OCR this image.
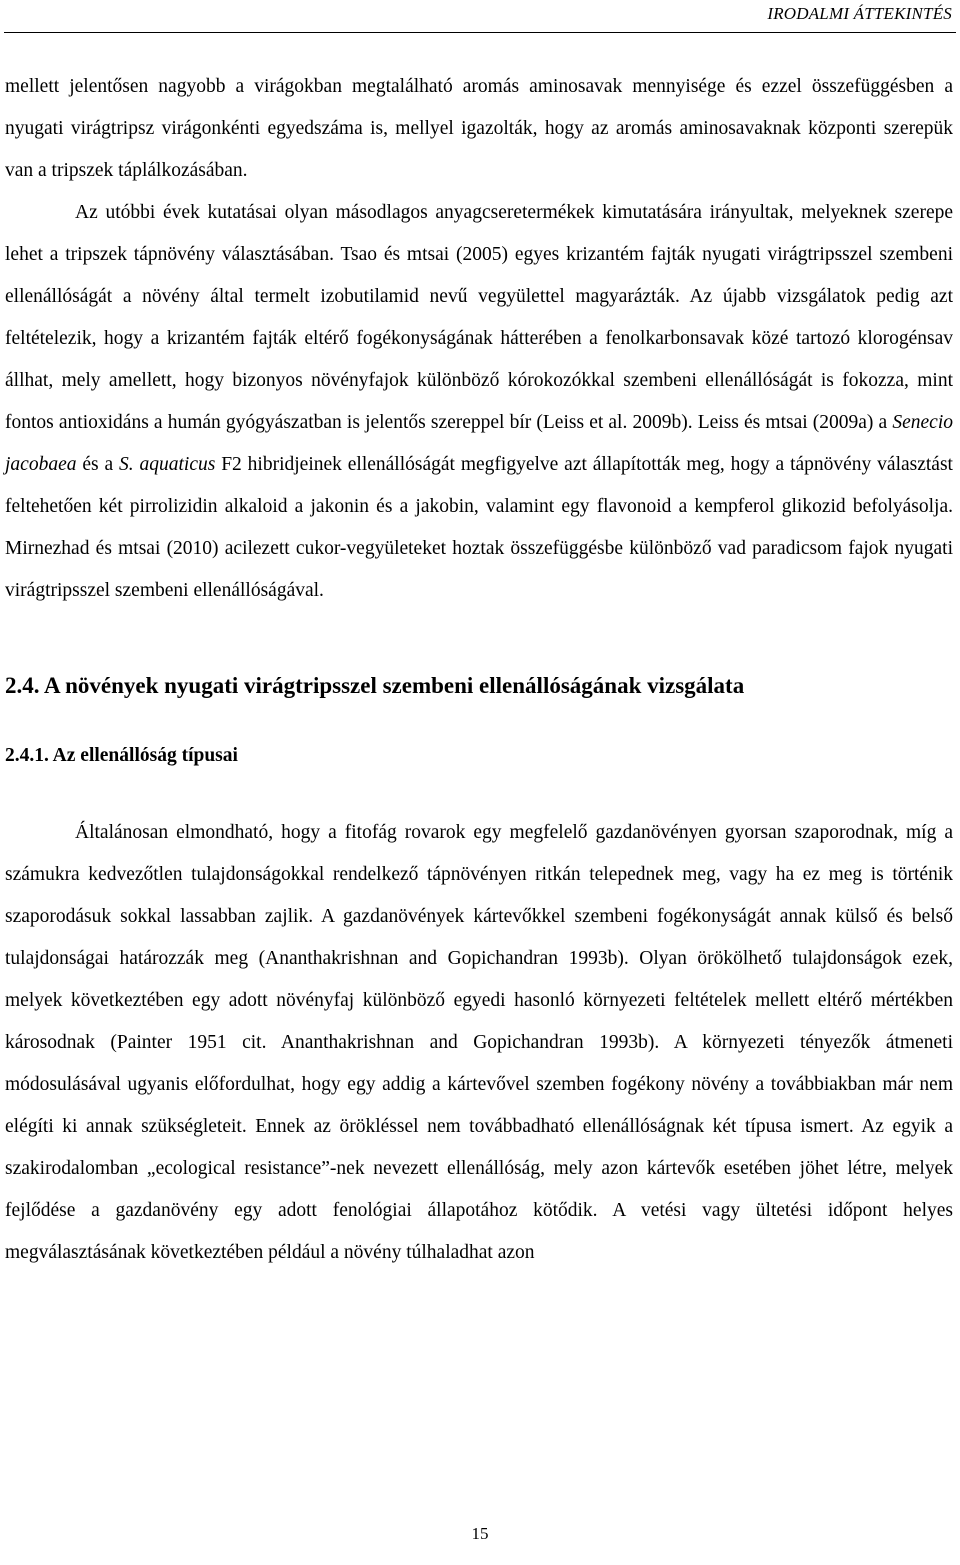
IRODALMI ÁTTEKINTÉS

mellett jelentősen nagyobb a virágokban megtalálható aromás aminosavak mennyisége és ezzel összefüggésben a nyugati virágtripsz virágonkénti egyedszáma is, mellyel igazolták, hogy az aromás aminosavaknak központi szerepük van a tripszek táplálkozásában.

Az utóbbi évek kutatásai olyan másodlagos anyagcseretermékek kimutatására irányultak, melyeknek szerepe lehet a tripszek tápnövény választásában. Tsao és mtsai (2005) egyes krizantém fajták nyugati virágtripsszel szembeni ellenállóságát a növény által termelt izobutilamid nevű vegyülettel magyarázták. Az újabb vizsgálatok pedig azt feltételezik, hogy a krizantém fajták eltérő fogékonyságának hátterében a fenolkarbonsavak közé tartozó klorogénsav állhat, mely amellett, hogy bizonyos növényfajok különböző kórokozókkal szembeni ellenállóságát is fokozza, mint fontos antioxidáns a humán gyógyászatban is jelentős szereppel bír (Leiss et al. 2009b). Leiss és mtsai (2009a) a Senecio jacobaea és a S. aquaticus F2 hibridjeinek ellenállóságát megfigyelve azt állapították meg, hogy a tápnövény választást feltehetően két pirrolizidin alkaloid a jakonin és a jakobin, valamint egy flavonoid a kempferol glikozid befolyásolja. Mirnezhad és mtsai (2010) acilezett cukor-vegyületeket hoztak összefüggésbe különböző vad paradicsom fajok nyugati virágtripsszel szembeni ellenállóságával.

2.4. A növények nyugati virágtripsszel szembeni ellenállóságának vizsgálata
2.4.1. Az ellenállóság típusai

Általánosan elmondható, hogy a fitofág rovarok egy megfelelő gazdanövényen gyorsan szaporodnak, míg a számukra kedvezőtlen tulajdonságokkal rendelkező tápnövényen ritkán telepednek meg, vagy ha ez meg is történik szaporodásuk sokkal lassabban zajlik. A gazdanövények kártevőkkel szembeni fogékonyságát annak külső és belső tulajdonságai határozzák meg (Ananthakrishnan and Gopichandran 1993b). Olyan örökölhető tulajdonságok ezek, melyek következtében egy adott növényfaj különböző egyedi hasonló környezeti feltételek mellett eltérő mértékben károsodnak (Painter 1951 cit. Ananthakrishnan and Gopichandran 1993b). A környezeti tényezők átmeneti módosulásával ugyanis előfordulhat, hogy egy addig a kártevővel szemben fogékony növény a továbbiakban már nem elégíti ki annak szükségleteit. Ennek az örökléssel nem továbbadható ellenállóságnak két típusa ismert. Az egyik a szakirodalomban „ecological resistance”-nek nevezett ellenállóság, mely azon kártevők esetében jöhet létre, melyek fejlődése a gazdanövény egy adott fenológiai állapotához kötődik. A vetési vagy ültetési időpont helyes megválasztásának következtében például a növény túlhaladhat azon

15
